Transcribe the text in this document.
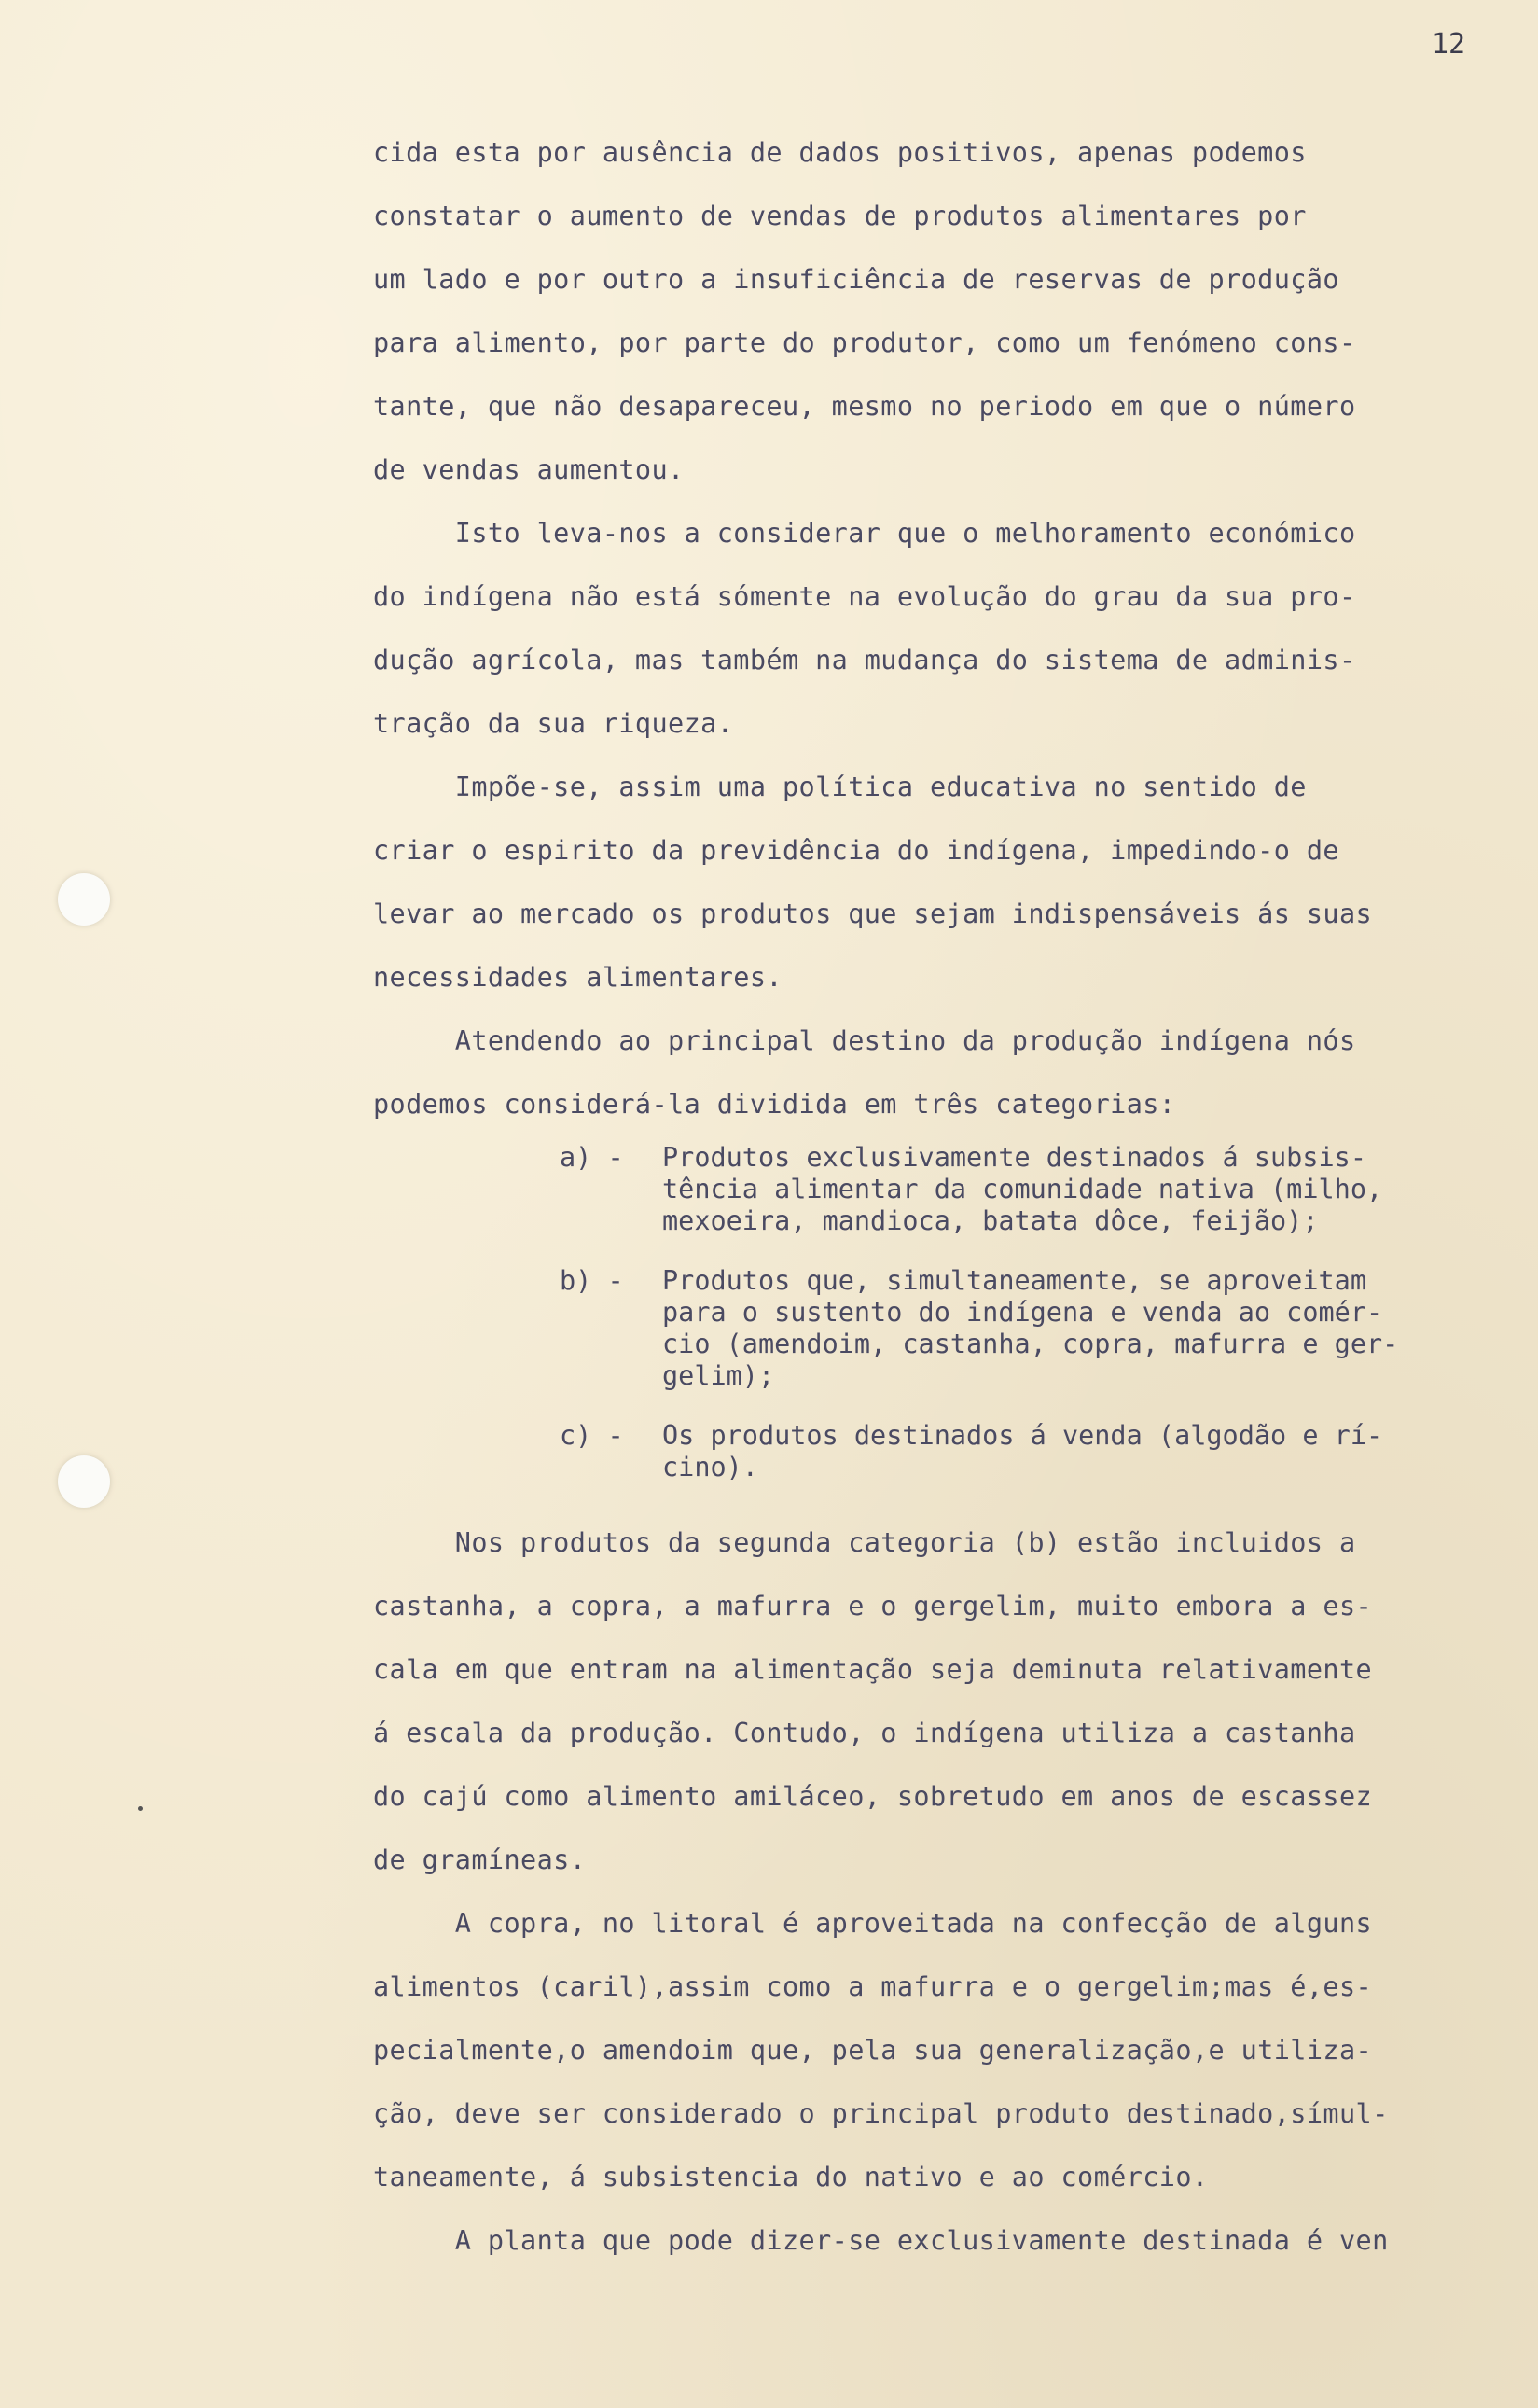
12
cida esta por ausência de dados positivos, apenas podemos
constatar o aumento de vendas de produtos alimentares por
um lado e por outro a insuficiência de reservas de produção
para alimento, por parte do produtor, como um fenómeno cons-
tante, que não desapareceu, mesmo no periodo em que o número
de vendas aumentou.
Isto leva-nos a considerar que o melhoramento económico
do indígena não está sómente na evolução do grau da sua pro-
dução agrícola, mas também na mudança do sistema de adminis-
tração da sua riqueza.
Impõe-se, assim uma política educativa no sentido de
criar o espirito da previdência do indígena, impedindo-o de
levar ao mercado os produtos que sejam indispensáveis ás suas
necessidades alimentares.
Atendendo ao principal destino da produção indígena nós
podemos considerá-la dividida em três categorias:
a) -	Produtos exclusivamente destinados á subsis-
tência alimentar da comunidade nativa (milho,
mexoeira, mandioca, batata dôce, feijão);
b) -	Produtos que, simultaneamente, se aproveitam
para o sustento do indígena e venda ao comér-
cio (amendoim, castanha, copra, mafurra e ger-
gelim);
c) -	Os produtos destinados á venda (algodão e rí-
cino).
Nos produtos da segunda categoria (b) estão incluidos a
castanha, a copra, a mafurra e o gergelim, muito embora a es-
cala em que entram na alimentação seja deminuta relativamente
á escala da produção. Contudo, o indígena utiliza a castanha
do cajú como alimento amiláceo, sobretudo em anos de escassez
de gramíneas.
A copra, no litoral é aproveitada na confecção de alguns
alimentos (caril),assim como a mafurra e o gergelim;mas é,es-
pecialmente,o amendoim que, pela sua generalização,e utiliza-
ção, deve ser considerado o principal produto destinado,símul-
taneamente, á subsistencia do nativo e ao comércio.
A planta que pode dizer-se exclusivamente destinada é ven
